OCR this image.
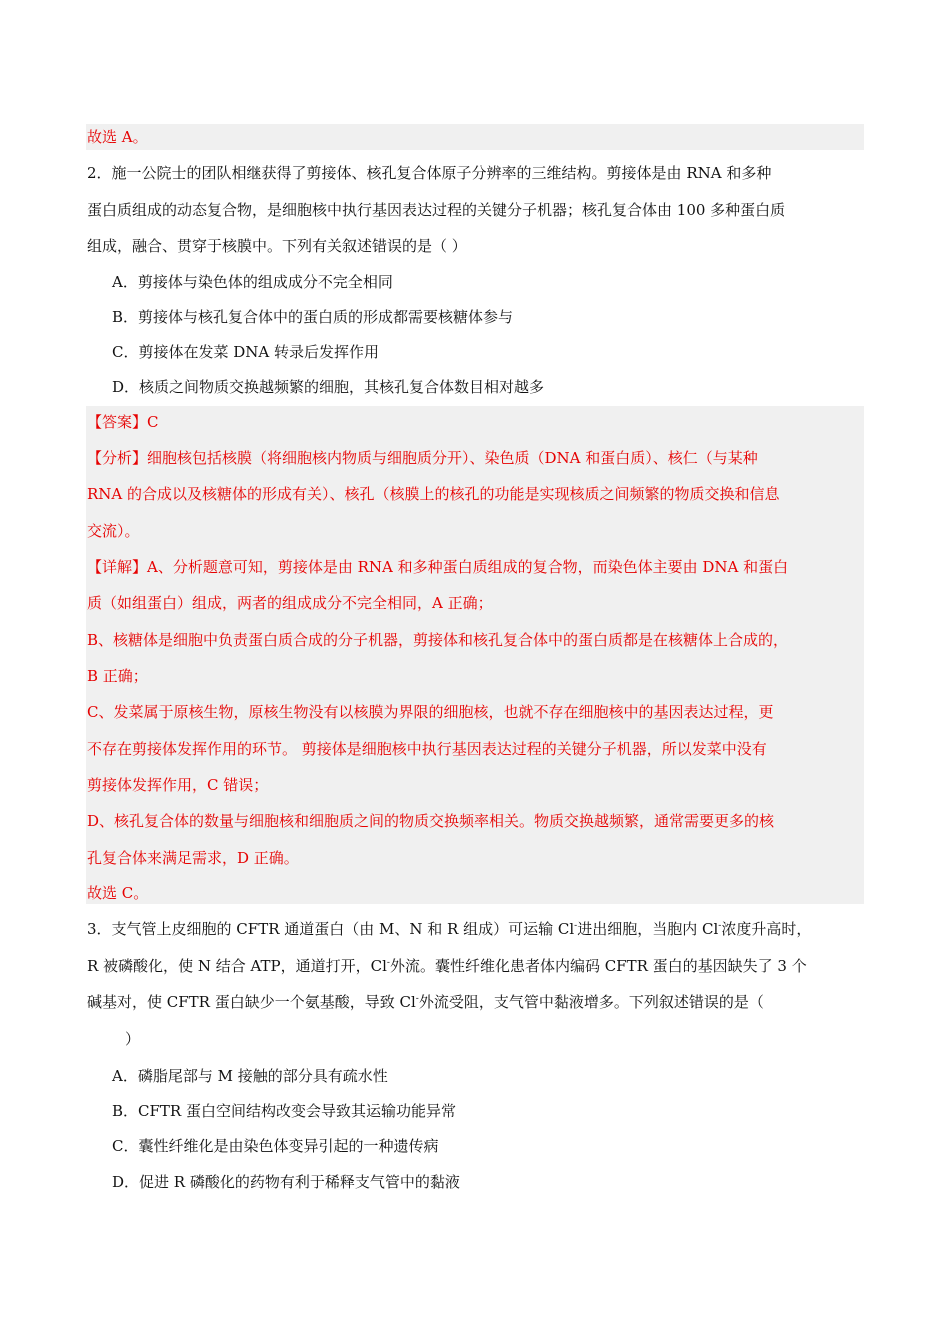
故选 A。
2．施一公院士的团队相继获得了剪接体、核孔复合体原子分辨率的三维结构。剪接体是由 RNA 和多种
蛋白质组成的动态复合物，是细胞核中执行基因表达过程的关键分子机器；核孔复合体由 100 多种蛋白质
组成，融合、贯穿于核膜中。下列有关叙述错误的是（ ）
A．剪接体与染色体的组成成分不完全相同
B．剪接体与核孔复合体中的蛋白质的形成都需要核糖体参与
C．剪接体在发菜 DNA 转录后发挥作用
D．核质之间物质交换越频繁的细胞，其核孔复合体数目相对越多
【答案】C
【分析】细胞核包括核膜（将细胞核内物质与细胞质分开）、染色质（DNA 和蛋白质）、核仁（与某种
RNA 的合成以及核糖体的形成有关）、核孔（核膜上的核孔的功能是实现核质之间频繁的物质交换和信息
交流）。
【详解】A、分析题意可知，剪接体是由 RNA 和多种蛋白质组成的复合物，而染色体主要由 DNA 和蛋白
质（如组蛋白）组成，两者的组成成分不完全相同，A 正确；
B、核糖体是细胞中负责蛋白质合成的分子机器，剪接体和核孔复合体中的蛋白质都是在核糖体上合成的，
B 正确；
C、发菜属于原核生物，原核生物没有以核膜为界限的细胞核，也就不存在细胞核中的基因表达过程，更
不存在剪接体发挥作用的环节。 剪接体是细胞核中执行基因表达过程的关键分子机器，所以发菜中没有
剪接体发挥作用，C 错误；
D、核孔复合体的数量与细胞核和细胞质之间的物质交换频率相关。物质交换越频繁，通常需要更多的核
孔复合体来满足需求，D 正确。
故选 C。
3．支气管上皮细胞的 CFTR 通道蛋白（由 M、N 和 R 组成）可运输 Cl-进出细胞，当胞内 Cl-浓度升高时，
R 被磷酸化，使 N 结合 ATP，通道打开，Cl-外流。囊性纤维化患者体内编码 CFTR 蛋白的基因缺失了 3 个
碱基对，使 CFTR 蛋白缺少一个氨基酸，导致 Cl-外流受阻，支气管中黏液增多。下列叙述错误的是（
）
A．磷脂尾部与 M 接触的部分具有疏水性
B．CFTR 蛋白空间结构改变会导致其运输功能异常
C．囊性纤维化是由染色体变异引起的一种遗传病
D．促进 R 磷酸化的药物有利于稀释支气管中的黏液
